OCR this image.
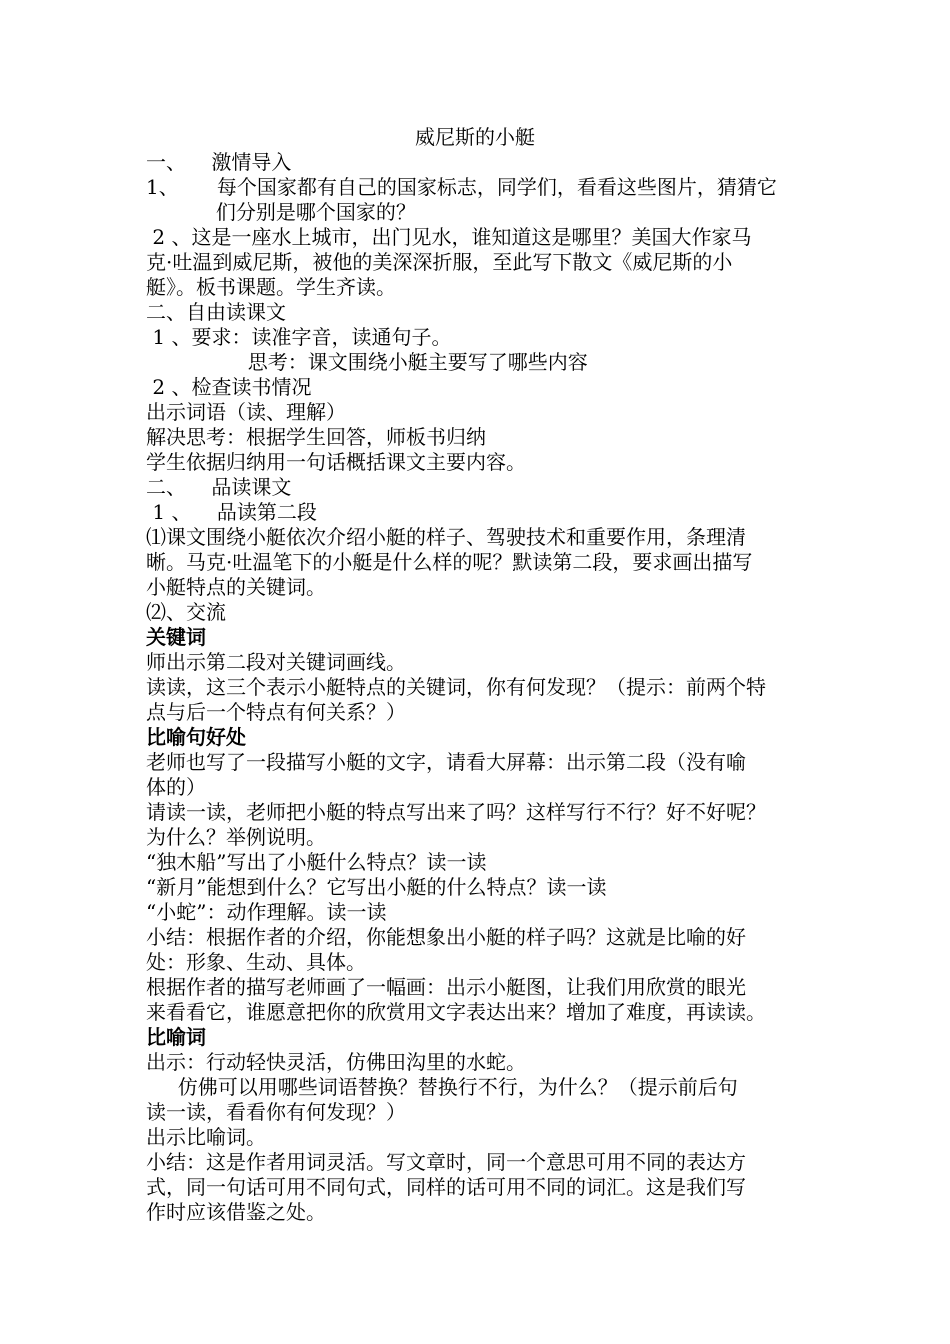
威尼斯的小艇
一、    激情导入
1、      每个国家都有自己的国家标志，同学们，看看这些图片，猜猜它
们分别是哪个国家的？
2 、这是一座水上城市，出门见水，谁知道这是哪里？美国大作家马
克·吐温到威尼斯，被他的美深深折服，至此写下散文《威尼斯的小
艇》。板书课题。学生齐读。
二、自由读课文
1 、要求：读准字音，读通句子。
思考：课文围绕小艇主要写了哪些内容
2 、检查读书情况
出示词语（读、理解）
解决思考：根据学生回答，师板书归纳
学生依据归纳用一句话概括课文主要内容。
二、    品读课文
1 、    品读第二段
⑴课文围绕小艇依次介绍小艇的样子、驾驶技术和重要作用，条理清
晰。马克·吐温笔下的小艇是什么样的呢？默读第二段，要求画出描写
小艇特点的关键词。
⑵、交流
关键词
师出示第二段对关键词画线。
读读，这三个表示小艇特点的关键词，你有何发现？（提示：前两个特
点与后一个特点有何关系？）
比喻句好处
老师也写了一段描写小艇的文字，请看大屏幕：出示第二段（没有喻
体的）
请读一读，老师把小艇的特点写出来了吗？这样写行不行？好不好呢？
为什么？举例说明。
“独木船”写出了小艇什么特点？读一读
“新月”能想到什么？它写出小艇的什么特点？读一读
“小蛇”：动作理解。读一读
小结：根据作者的介绍，你能想象出小艇的样子吗？这就是比喻的好
处：形象、生动、具体。
根据作者的描写老师画了一幅画：出示小艇图，让我们用欣赏的眼光
来看看它，谁愿意把你的欣赏用文字表达出来？增加了难度，再读读。
比喻词
出示：行动轻快灵活，仿佛田沟里的水蛇。
仿佛可以用哪些词语替换？替换行不行，为什么？（提示前后句
读一读，看看你有何发现？）
出示比喻词。
小结：这是作者用词灵活。写文章时，同一个意思可用不同的表达方
式，同一句话可用不同句式，同样的话可用不同的词汇。这是我们写
作时应该借鉴之处。
